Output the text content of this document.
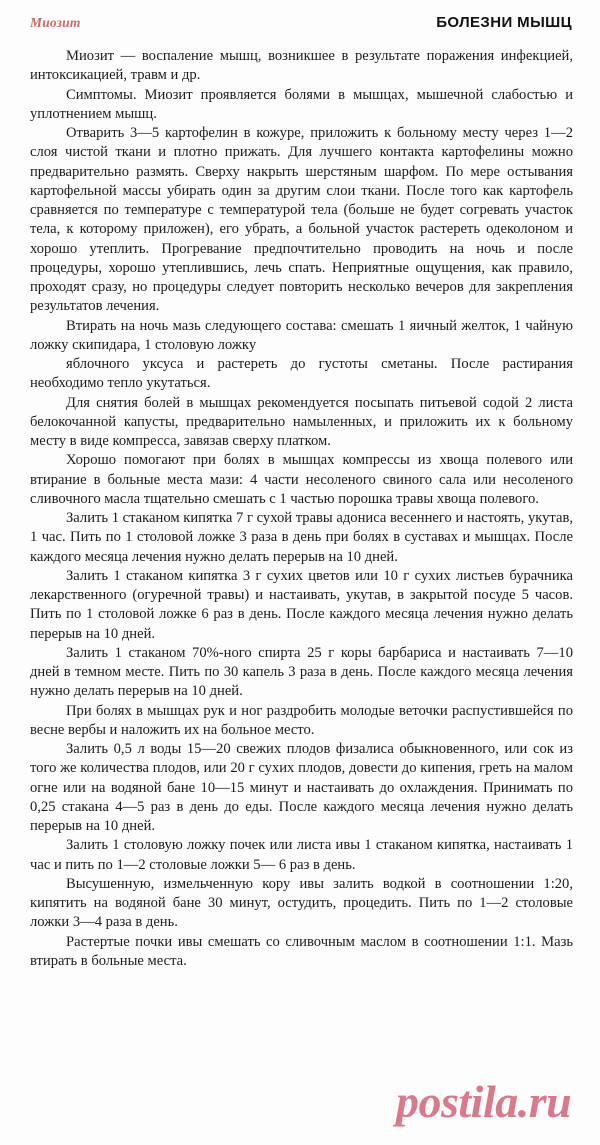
Миозит	БОЛЕЗНИ МЫШЦ

Миозит — воспаление мышц, возникшее в результате поражения инфекцией, интоксикацией, травм и др.

Симптомы. Миозит проявляется болями в мышцах, мышечной слабостью и уплотнением мышц.

Отварить 3—5 картофелин в кожуре, приложить к больному месту через 1—2 слоя чистой ткани и плотно прижать. Для лучшего контакта картофелины можно предварительно размять. Сверху накрыть шерстяным шарфом. По мере остывания картофельной массы убирать один за другим слои ткани. После того как картофель сравняется по температуре с температурой тела (больше не будет согревать участок тела, к которому приложен), его убрать, а больной участок растереть одеколоном и хорошо утеплить. Прогревание предпочтительно проводить на ночь и после процедуры, хорошо утеплившись, лечь спать. Неприятные ощущения, как правило, проходят сразу, но процедуры следует повторить несколько вечеров для закрепления результатов лечения.

Втирать на ночь мазь следующего состава: смешать 1 яичный желток, 1 чайную ложку скипидара, 1 столовую ложку

яблочного уксуса и растереть до густоты сметаны. После растирания необходимо тепло укутаться.

Для снятия болей в мышцах рекомендуется посыпать питьевой содой 2 листа белокочанной капусты, предварительно намыленных, и приложить их к больному месту в виде компресса, завязав сверху платком.

Хорошо помогают при болях в мышцах компрессы из хвоща полевого или втирание в больные места мази: 4 части несоленого свиного сала или несоленого сливочного масла тщательно смешать с 1 частью порошка травы хвоща полевого.

Залить 1 стаканом кипятка 7 г сухой травы адониса весеннего и настоять, укутав, 1 час. Пить по 1 столовой ложке 3 раза в день при болях в суставах и мышцах. После каждого месяца лечения нужно делать перерыв на 10 дней.

Залить 1 стаканом кипятка 3 г сухих цветов или 10 г сухих листьев бурачника лекарственного (огуречной травы) и настаивать, укутав, в закрытой посуде 5 часов. Пить по 1 столовой ложке 6 раз в день. После каждого месяца лечения нужно делать перерыв на 10 дней.

Залить 1 стаканом 70%-ного спирта 25 г коры барбариса и настаивать 7—10 дней в темном месте. Пить по 30 капель 3 раза в день. После каждого месяца лечения нужно делать перерыв на 10 дней.

При болях в мышцах рук и ног раздробить молодые веточки распустившейся по весне вербы и наложить их на больное место.

Залить 0,5 л воды 15—20 свежих плодов физалиса обыкновенного, или сок из того же количества плодов, или 20 г сухих плодов, довести до кипения, греть на малом огне или на водяной бане 10—15 минут и настаивать до охлаждения. Принимать по 0,25 стакана 4—5 раз в день до еды. После каждого месяца лечения нужно делать перерыв на 10 дней.

Залить 1 столовую ложку почек или листа ивы 1 стаканом кипятка, настаивать 1 час и пить по 1—2 столовые ложки 5— 6 раз в день.

Высушенную, измельченную кору ивы залить водкой в соотношении 1:20, кипятить на водяной бане 30 минут, остудить, процедить. Пить по 1—2 столовые ложки 3—4 раза в день.

Растертые почки ивы смешать со сливочным маслом в соотношении 1:1. Мазь втирать в больные места.

postila.ru
